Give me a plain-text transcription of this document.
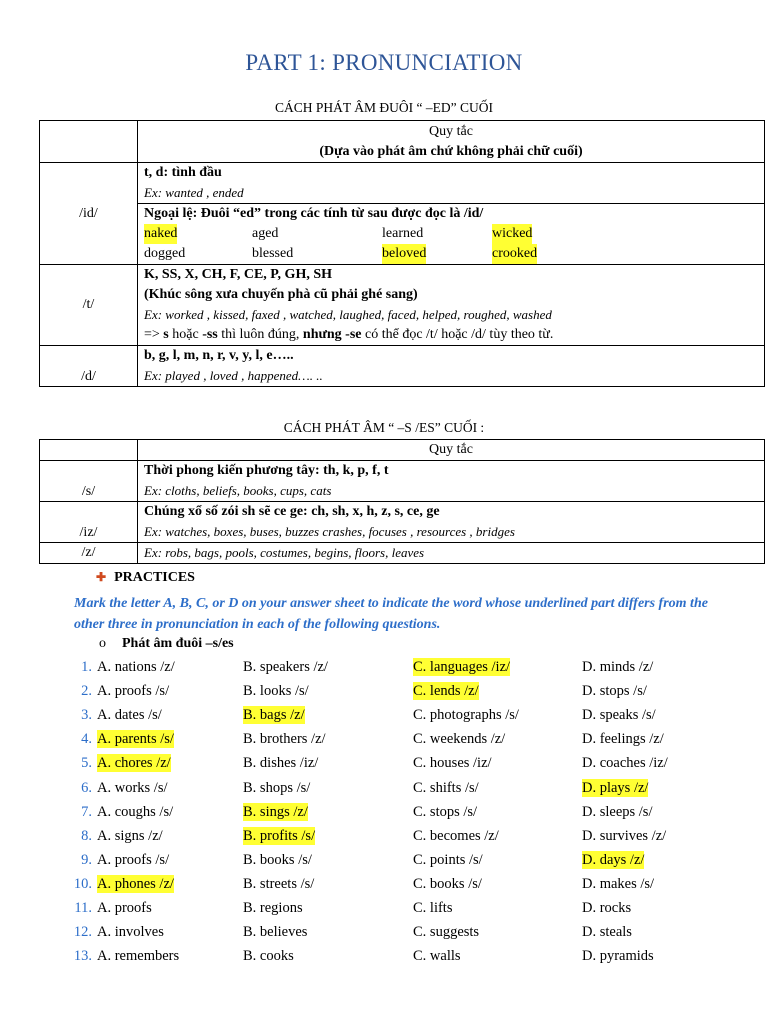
PART 1: PRONUNCIATION
CÁCH PHÁT ÂM ĐUÔI “ –ED” CUỐI

	Quy tắc
(Dựa vào phát âm chứ không phải chữ cuối)

/id/	t, d: tình đầu
Ex: wanted , ended
Ngoại lệ: Đuôi “ed” trong các tính từ sau được đọc là /id/
naked aged learned wicked
dogged blessed beloved crooked

/t/	K, SS, X, CH, F, CE, P, GH, SH
(Khúc sông xưa chuyến phà cũ phải ghé sang)
Ex: worked , kissed, faxed , watched, laughed, faced, helped, roughed, washed
=> s hoặc -ss thì luôn đúng, nhưng -se có thể đọc /t/ hoặc /d/ tùy theo từ.

/d/	b, g, l, m, n, r, v, y, l, e…..
Ex: played , loved , happened…. ..
CÁCH PHÁT ÂM “ –S /ES” CUỐI :

	Quy tắc

/s/	Thời phong kiến phương tây: th, k, p, f, t
Ex: cloths, beliefs, books, cups, cats

/iz/	Chúng xổ số zói sh sẽ ce ge: ch, sh, x, h, z, s, ce, ge
Ex: watches, boxes, buses, buzzes crashes, focuses , resources , bridges

/z/	Ex: robs, bags, pools, costumes, begins, floors, leaves
✚ PRACTICES
Mark the letter A, B, C, or D on your answer sheet to indicate the word whose underlined part differs from the other three in pronunciation in each of the following questions.
o Phát âm đuôi –s/es
1. A. nations /z/	B. speakers /z/	C. languages /iz/	D. minds /z/
2. A. proofs /s/	B. looks /s/	C. lends /z/	D. stops /s/
3. A. dates /s/	B. bags /z/	C. photographs /s/	D. speaks /s/
4. A. parents /s/	B. brothers /z/	C. weekends /z/	D. feelings /z/
5. A. chores /z/	B. dishes /iz/	C. houses /iz/	D. coaches /iz/
6. A. works /s/	B. shops /s/	C. shifts /s/	D. plays /z/
7. A. coughs /s/	B. sings /z/	C. stops /s/	D. sleeps /s/
8. A. signs /z/	B. profits /s/	C. becomes /z/	D. survives /z/
9. A. proofs /s/	B. books /s/	C. points /s/	D. days /z/
10. A. phones /z/	B. streets /s/	C. books /s/	D. makes /s/
11. A. proofs	B. regions	C. lifts	D. rocks
12. A. involves	B. believes	C. suggests	D. steals
13. A. remembers	B. cooks	C. walls	D. pyramids
